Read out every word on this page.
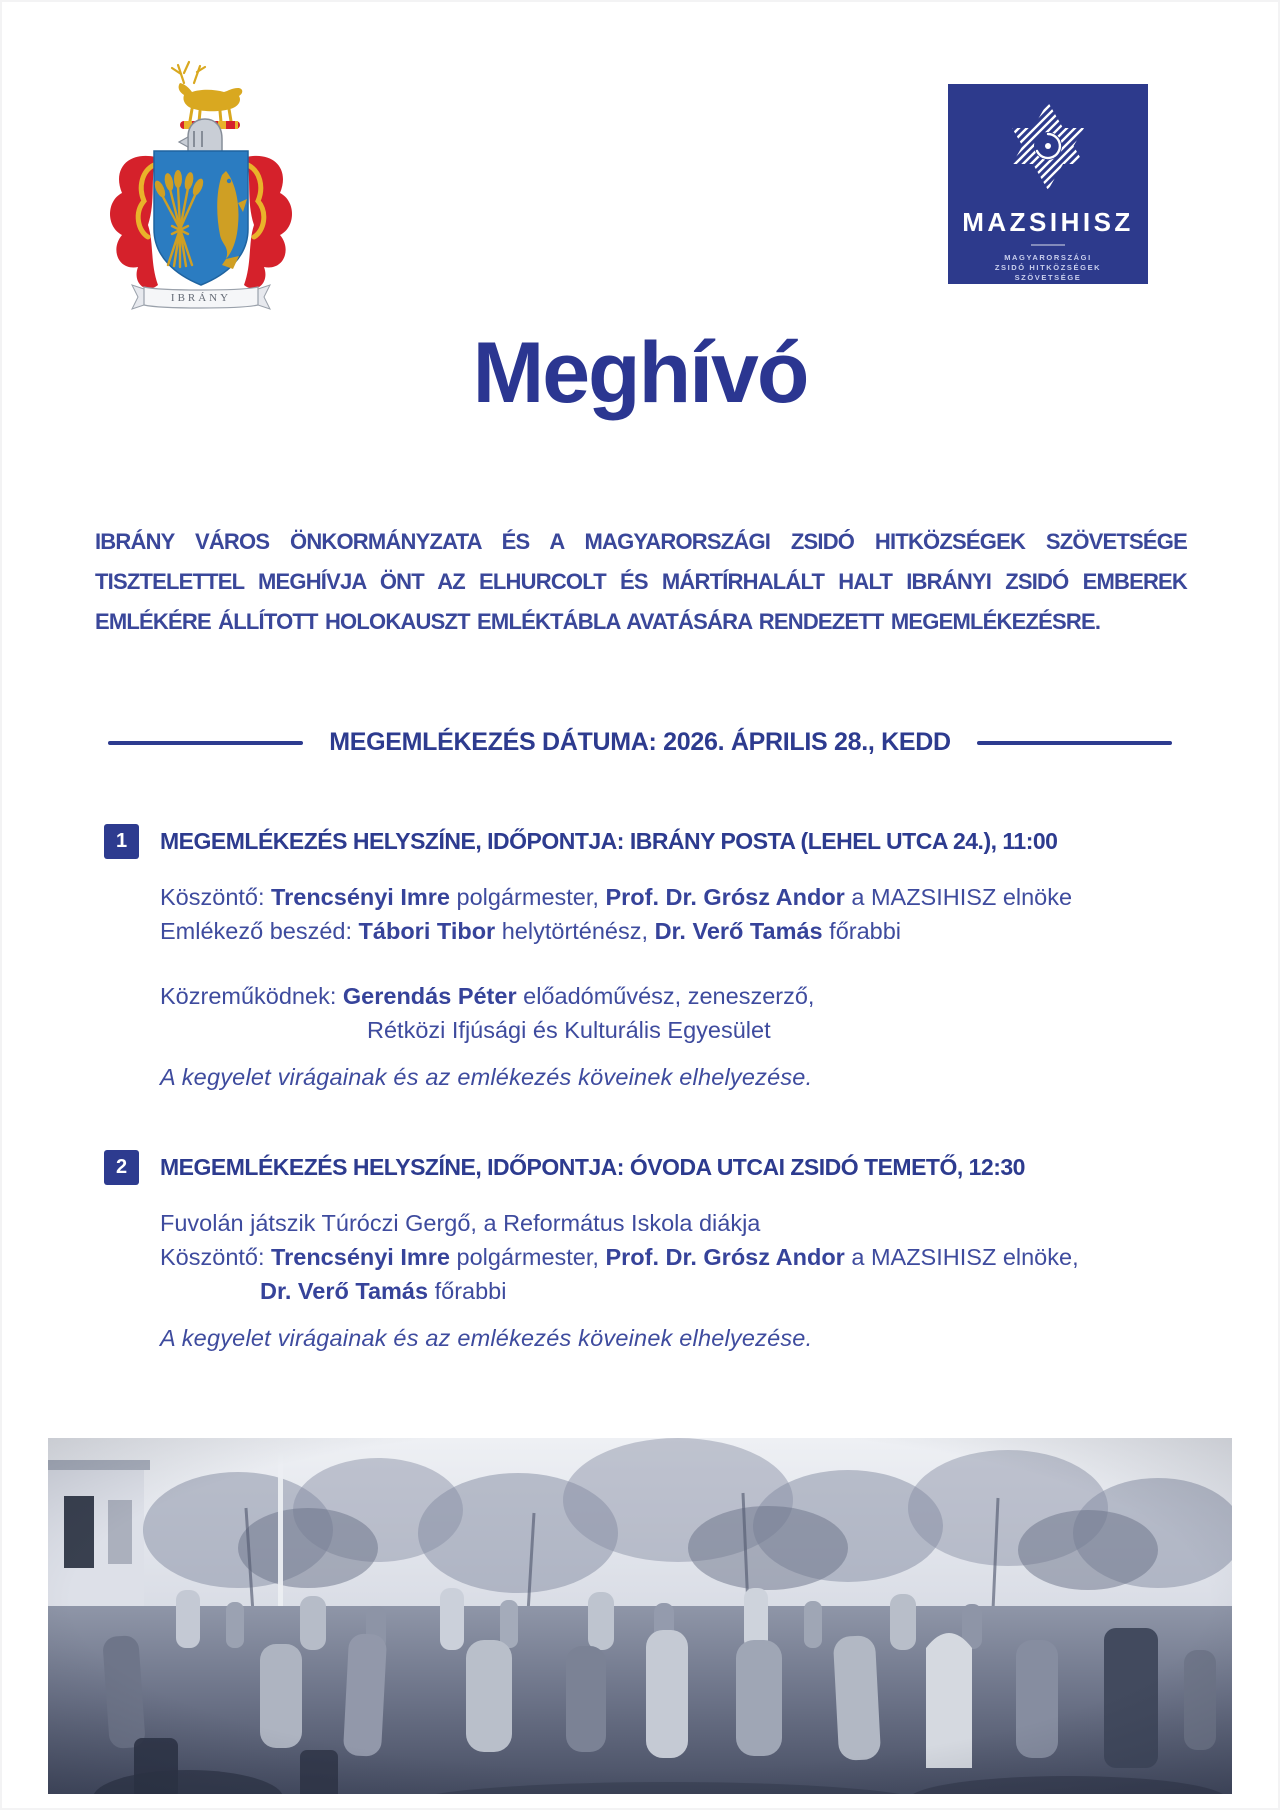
IBRÁNY
MAZSIHISZ
MAGYARORSZÁGI
ZSIDÓ HITKÖZSÉGEK
SZÖVETSÉGE
Meghívó

IBRÁNY VÁROS ÖNKORMÁNYZATA ÉS A MAGYARORSZÁGI ZSIDÓ HITKÖZSÉGEK SZÖVETSÉGE TISZTELETTEL MEGHÍVJA ÖNT AZ ELHURCOLT ÉS MÁRTÍRHALÁLT HALT IBRÁNYI ZSIDÓ EMBEREK EMLÉKÉRE ÁLLÍTOTT HOLOKAUSZT EMLÉKTÁBLA AVATÁSÁRA RENDEZETT MEGEMLÉKEZÉSRE.

MEGEMLÉKEZÉS DÁTUMA: 2026. ÁPRILIS 28., KEDD
1	MEGEMLÉKEZÉS HELYSZÍNE, IDŐPONTJA: IBRÁNY POSTA (LEHEL UTCA 24.), 11:00

Köszöntő: Trencsényi Imre polgármester, Prof. Dr. Grósz Andor a MAZSIHISZ elnöke

Emlékező beszéd: Tábori Tibor helytörténész, Dr. Verő Tamás főrabbi

Közreműködnek: Gerendás Péter előadóművész, zeneszerző,

Rétközi Ifjúsági és Kulturális Egyesület

A kegyelet virágainak és az emlékezés köveinek elhelyezése.

2	MEGEMLÉKEZÉS HELYSZÍNE, IDŐPONTJA: ÓVODA UTCAI ZSIDÓ TEMETŐ, 12:30

Fuvolán játszik Túróczi Gergő, a Református Iskola diákja

Köszöntő: Trencsényi Imre polgármester, Prof. Dr. Grósz Andor a MAZSIHISZ elnöke,

Dr. Verő Tamás főrabbi

A kegyelet virágainak és az emlékezés köveinek elhelyezése.
